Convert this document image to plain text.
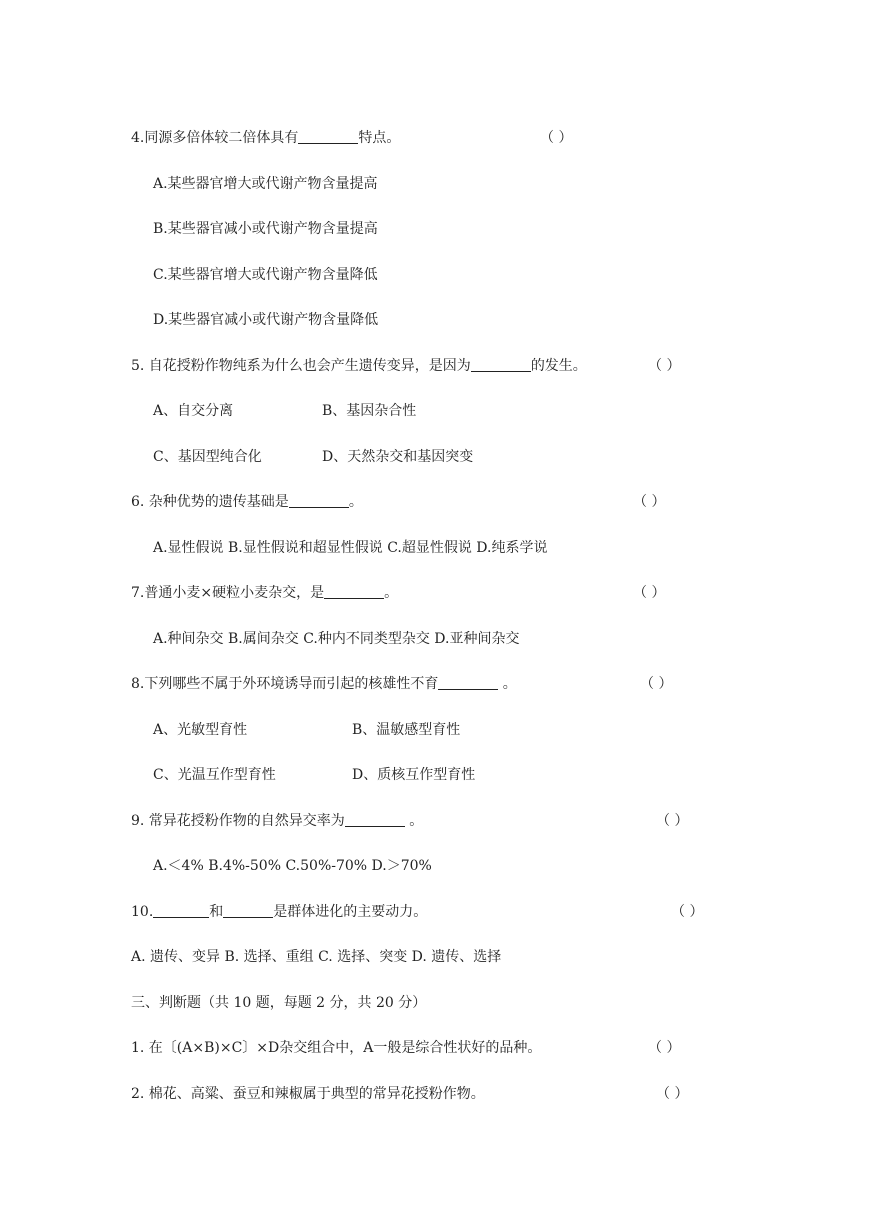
4.同源多倍体较二倍体具有	特点。	（ ）
A.某些器官增大或代谢产物含量提高
B.某些器官减小或代谢产物含量提高
C.某些器官增大或代谢产物含量降低
D.某些器官减小或代谢产物含量降低
5. 自花授粉作物纯系为什么也会产生遗传变异，是因为	的发生。	（ ）
A、自交分离	B、基因杂合性
C、基因型纯合化	D、天然杂交和基因突变
6. 杂种优势的遗传基础是	。	（ ）
A.显性假说 B.显性假说和超显性假说 C.超显性假说 D.纯系学说
7.普通小麦×硬粒小麦杂交，是	。	（ ）
A.种间杂交 B.属间杂交 C.种内不同类型杂交 D.亚种间杂交
8.下列哪些不属于外环境诱导而引起的核雄性不育	。	（ ）
A、光敏型育性	B、温敏感型育性
C、光温互作型育性	D、质核互作型育性
9. 常异花授粉作物的自然异交率为	。	（ ）
A.＜4% B.4%-50% C.50%-70% D.＞70%
10.	和	是群体进化的主要动力。	（ ）
A. 遗传、变异 B. 选择、重组 C. 选择、突变 D. 遗传、选择
三、判断题（共 10 题，每题 2 分，共 20 分）
1. 在〔(A×B)×C〕×D杂交组合中，A一般是综合性状好的品种。	（ ）
2. 棉花、高粱、蚕豆和辣椒属于典型的常异花授粉作物。	（ ）
